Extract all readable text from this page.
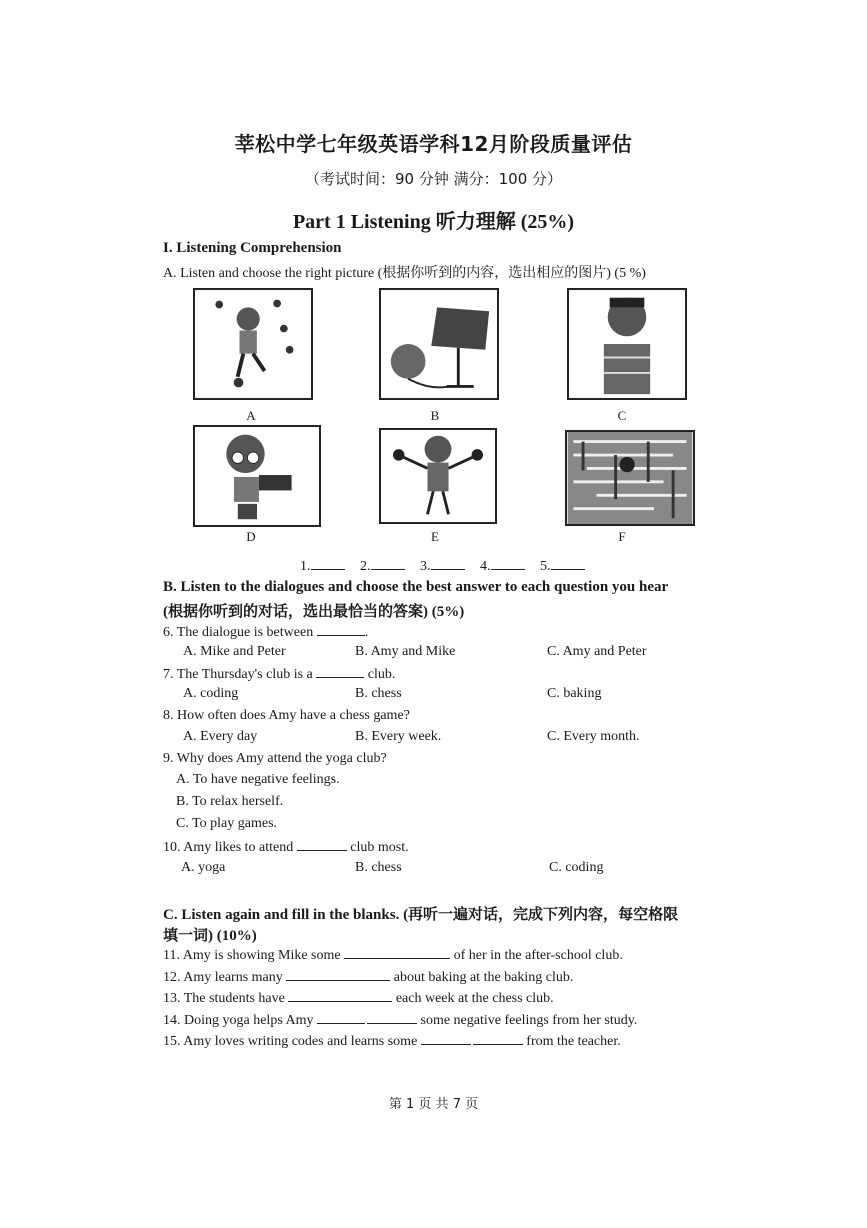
莘松中学七年级英语学科12月阶段质量评估
（考试时间：90 分钟 满分：100 分）
Part 1 Listening 听力理解 (25%)
I. Listening Comprehension
A. Listen and choose the right picture (根据你听到的内容，选出相应的图片) (5 %)
A	B	C
D	E	F
1.	2.	3.	4.	5.
B. Listen to the dialogues and choose the best answer to each question you hear
(根据你听到的对话，选出最恰当的答案) (5%)
6. The dialogue is between	.
A. Mike and Peter	B. Amy and Mike	C. Amy and Peter
7. The Thursday's club is a	club.
A. coding	B. chess	C. baking
8. How often does Amy have a chess game?
A. Every day	B. Every week.	C. Every month.
9. Why does Amy attend the yoga club?
A. To have negative feelings.
B. To relax herself.
C. To play games.
10. Amy likes to attend	club most.
A. yoga	B. chess	C. coding
C. Listen again and fill in the blanks. (再听一遍对话，完成下列内容，每空格限
填一词) (10%)
11. Amy is showing Mike some	of her in the after-school club.
12. Amy learns many	about baking at the baking club.
13. The students have	each week at the chess club.
14. Doing yoga helps Amy	some negative feelings from her study.
15. Amy loves writing codes and learns some	from the teacher.
第 1 页 共 7 页
